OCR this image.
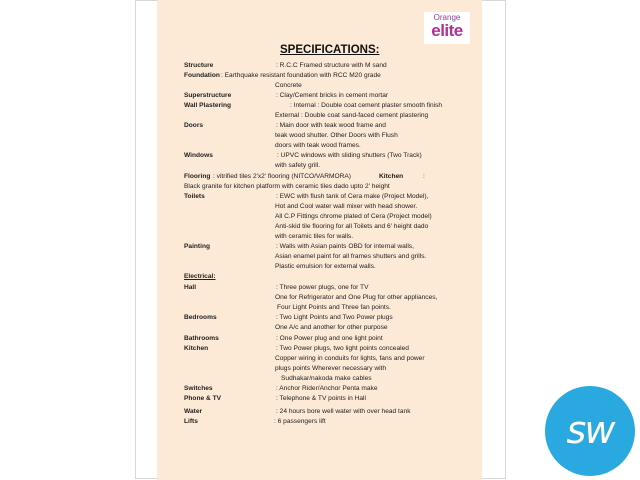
Orange
elite
SPECIFICATIONS:
Structure	: R.C.C Framed structure with M sand
Foundation : Earthquake resistant foundation with RCC M20 grade
Concrete
Superstructure	: Clay/Cement bricks in cement mortar
Wall Plastering	: Internal : Double coat cement plaster smooth finish
External : Double coat sand-faced cement plastering
Doors	: Main door with teak wood frame and
teak wood shutter. Other Doors with Flush
doors with teak wood frames.
Windows	: UPVC windows with sliding shutters (Two Track)
with safety grill.
Flooring : vitrified tiles 2'x2' flooring (NITCO/VARMORA)	Kitchen	:
Black granite for kitchen platform with ceramic tiles dado upto 2' height
Toilets	: EWC with flush tank of Cera make (Project Model),
Hot and Cool water wall mixer with head shower.
All C.P Fittings chrome plated of Cera (Project model)
Anti-skid tile flooring for all Toilets and 6' height dado
with ceramic tiles for walls.
Painting	: Walls with Asian paints OBD for internal walls,
Asian enamel paint for all frames shutters and grills.
Plastic emulsion for external walls.
Electrical:
Hall	: Three power plugs, one for TV
One for Refrigerator and One Plug for other appliances,
Four Light Points and Three fan points.
Bedrooms	: Two Light Points and Two Power plugs
One A/c and another for other purpose
Bathrooms	: One Power plug and one light point
Kitchen	: Two Power plugs, two light points concealed
Copper wiring in conduits for lights, fans and power
plugs points Wherever necessary with
Sudhakar/nakoda make cables
Switches	: Anchor Rider/Anchor Penta make
Phone & TV	: Telephone & TV points in Hall
Water	: 24 hours bore well water with over head tank
Lifts	: 6 passengers lift	sw
